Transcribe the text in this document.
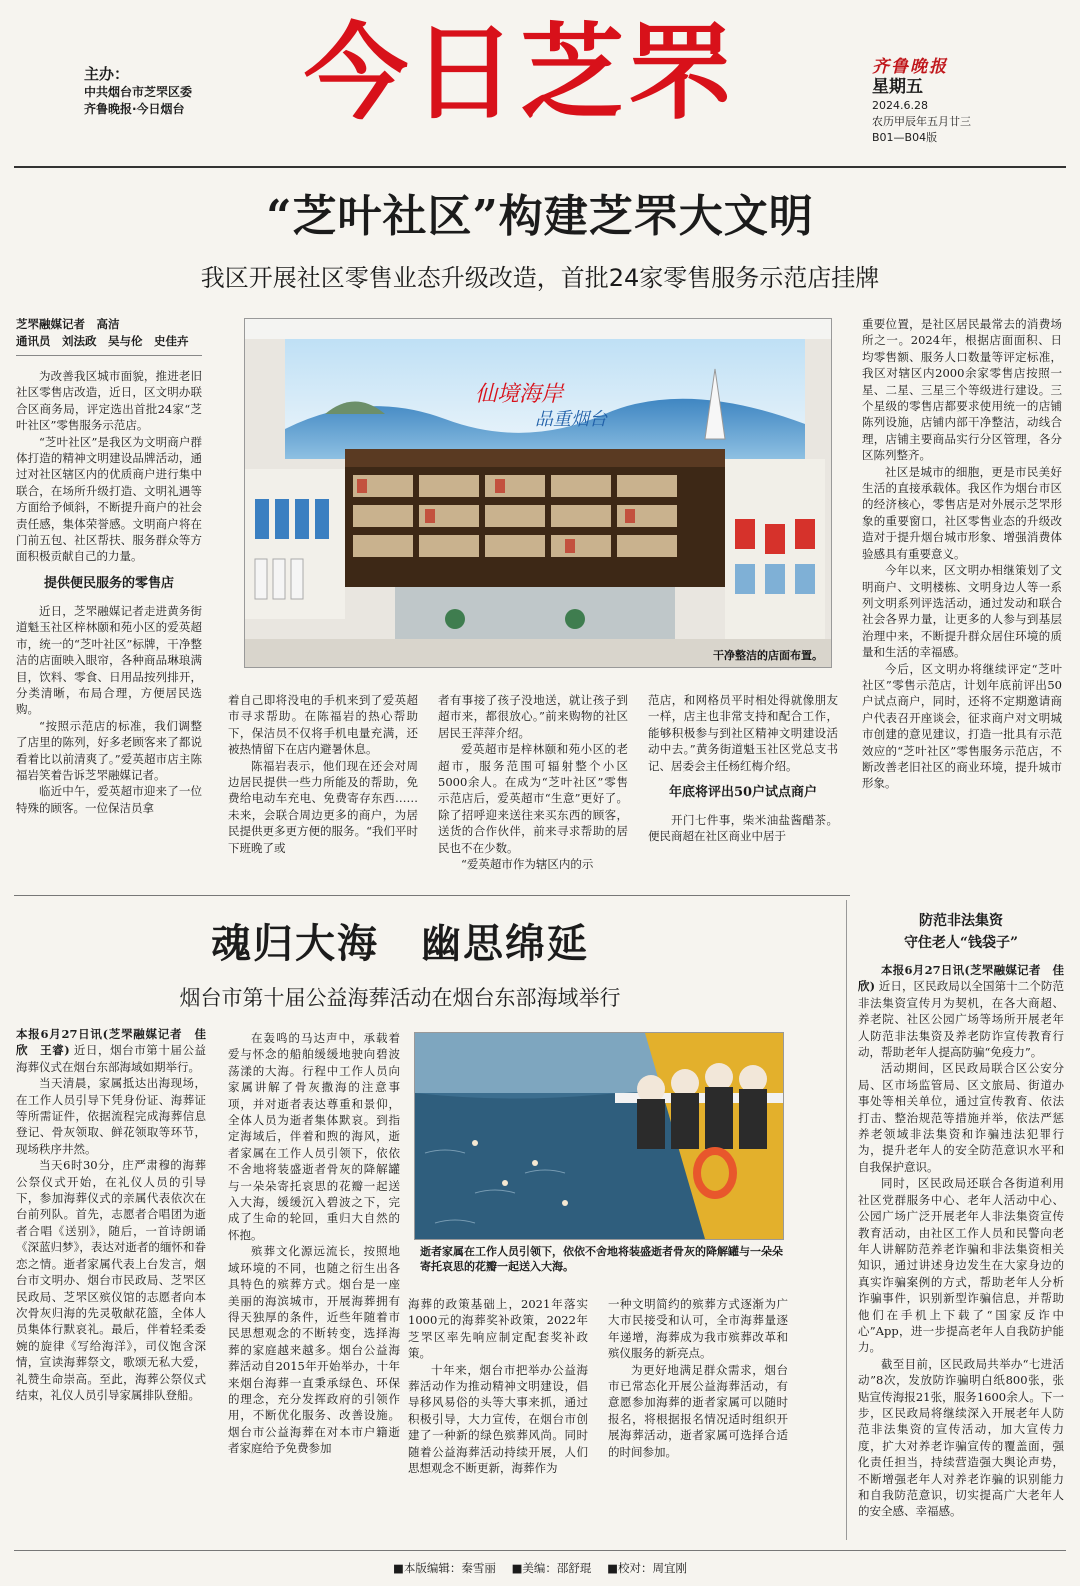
主办：
中共烟台市芝罘区委
齐鲁晚报·今日烟台	今日芝罘	齐鲁晚报
星期五
2024.6.28
农历甲辰年五月廿三
B01—B04版
“芝叶社区”构建芝罘大文明
我区开展社区零售业态升级改造，首批24家零售服务示范店挂牌
芝罘融媒记者　高洁
通讯员　刘法政　吴与伦　史佳卉

为改善我区城市面貌，推进老旧社区零售店改造，近日，区文明办联合区商务局，评定选出首批24家“芝叶社区”零售服务示范店。

“芝叶社区”是我区为文明商户群体打造的精神文明建设品牌活动，通过对社区辖区内的优质商户进行集中联合，在场所升级打造、文明礼遇等方面给予倾斜，不断提升商户的社会责任感，集体荣誉感。文明商户将在门前五包、社区帮扶、服务群众等方面积极贡献自己的力量。

提供便民服务的零售店

近日，芝罘融媒记者走进黄务街道魁玉社区梓林颐和苑小区的爱英超市，统一的“芝叶社区”标牌，干净整洁的店面映入眼帘，各种商品琳琅满目，饮料、零食、日用品按列排开，分类清晰，布局合理，方便居民选购。

“按照示范店的标准，我们调整了店里的陈列，好多老顾客来了都说看着比以前清爽了。”爱英超市店主陈福岩笑着告诉芝罘融媒记者。

临近中午，爱英超市迎来了一位特殊的顾客。一位保洁员拿

仙境海岸
品重烟台
干净整洁的店面布置。

着自己即将没电的手机来到了爱英超市寻求帮助。在陈福岩的热心帮助下，保洁员不仅将手机电量充满，还被热情留下在店内避暑休息。

陈福岩表示，他们现在还会对周边居民提供一些力所能及的帮助，免费给电动车充电、免费寄存东西……未来，会联合周边更多的商户，为居民提供更多更方便的服务。“我们平时下班晚了或

者有事接了孩子没地送，就让孩子到超市来，都很放心。”前来购物的社区居民王萍萍介绍。

爱英超市是梓林颐和苑小区的老超市，服务范围可辐射整个小区5000余人。在成为“芝叶社区”零售示范店后，爱英超市“生意”更好了。除了招呼迎来送往来买东西的顾客，送货的合作伙伴，前来寻求帮助的居民也不在少数。

“爱英超市作为辖区内的示

范店，和网格员平时相处得就像朋友一样，店主也非常支持和配合工作，能够积极参与到社区精神文明建设活动中去。”黄务街道魁玉社区党总支书记、居委会主任杨红梅介绍。

年底将评出50户试点商户

开门七件事，柴米油盐酱醋茶。便民商超在社区商业中居于

重要位置，是社区居民最常去的消费场所之一。2024年，根据店面面积、日均零售额、服务人口数量等评定标准，我区对辖区内2000余家零售店按照一星、二星、三星三个等级进行建设。三个星级的零售店都要求使用统一的店铺陈列设施，店铺内部干净整洁，动线合理，店铺主要商品实行分区管理，各分区陈列整齐。

社区是城市的细胞，更是市民美好生活的直接承载体。我区作为烟台市区的经济核心，零售店是对外展示芝罘形象的重要窗口，社区零售业态的升级改造对于提升烟台城市形象、增强消费体验感具有重要意义。

今年以来，区文明办相继策划了文明商户、文明楼栋、文明身边人等一系列文明系列评选活动，通过发动和联合社会各界力量，让更多的人参与到基层治理中来，不断提升群众居住环境的质量和生活的幸福感。

今后，区文明办将继续评定“芝叶社区”零售示范店，计划年底前评出50户试点商户，同时，还将不定期邀请商户代表召开座谈会，征求商户对文明城市创建的意见建议，打造一批具有示范效应的“芝叶社区”零售服务示范店，不断改善老旧社区的商业环境，提升城市形象。

魂归大海　幽思绵延
烟台市第十届公益海葬活动在烟台东部海域举行

本报6月27日讯(芝罘融媒记者　佳欣　王睿) 近日，烟台市第十届公益海葬仪式在烟台东部海域如期举行。

当天清晨，家属抵达出海现场，在工作人员引导下凭身份证、海葬证等所需证件，依据流程完成海葬信息登记、骨灰领取、鲜花领取等环节，现场秩序井然。

当天6时30分，庄严肃穆的海葬公祭仪式开始，在礼仪人员的引导下，参加海葬仪式的亲属代表依次在台前列队。首先，志愿者合唱团为逝者合唱《送别》，随后，一首诗朗诵《深蓝归梦》，表达对逝者的缅怀和眷恋之情。逝者家属代表上台发言，烟台市文明办、烟台市民政局、芝罘区民政局、芝罘区殡仪馆的志愿者向本次骨灰归海的先灵敬献花篮，全体人员集体行默哀礼。最后，伴着轻柔委婉的旋律《写给海洋》，司仪饱含深情，宣读海葬祭文，歌颂无私大爱，礼赞生命崇高。至此，海葬公祭仪式结束，礼仪人员引导家属排队登船。

在轰鸣的马达声中，承载着爱与怀念的船舶缓缓地驶向碧波荡漾的大海。行程中工作人员向家属讲解了骨灰撒海的注意事项，并对逝者表达尊重和景仰，全体人员为逝者集体默哀。到指定海域后，伴着和煦的海风，逝者家属在工作人员引领下，依依不舍地将装盛逝者骨灰的降解罐与一朵朵寄托哀思的花瓣一起送入大海，缓缓沉入碧波之下，完成了生命的轮回，重归大自然的怀抱。

殡葬文化源远流长，按照地域环境的不同，也随之衍生出各具特色的殡葬方式。烟台是一座美丽的海滨城市，开展海葬拥有得天独厚的条件，近些年随着市民思想观念的不断转变，选择海葬的家庭越来越多。烟台公益海葬活动自2015年开始举办，十年来烟台海葬一直秉承绿色、环保的理念，充分发挥政府的引领作用，不断优化服务、改善设施。烟台市公益海葬在对本市户籍逝者家庭给予免费参加

逝者家属在工作人员引领下，依依不舍地将装盛逝者骨灰的降解罐与一朵朵寄托哀思的花瓣一起送入大海。

海葬的政策基础上，2021年落实1000元的海葬奖补政策，2022年芝罘区率先响应制定配套奖补政策。

十年来，烟台市把举办公益海葬活动作为推动精神文明建设，倡导移风易俗的头等大事来抓，通过积极引导，大力宣传，在烟台市创建了一种新的绿色殡葬风尚。同时随着公益海葬活动持续开展，人们思想观念不断更新，海葬作为

一种文明简约的殡葬方式逐渐为广大市民接受和认可，全市海葬量逐年递增，海葬成为我市殡葬改革和殡仪服务的新亮点。

为更好地满足群众需求，烟台市已常态化开展公益海葬活动，有意愿参加海葬的逝者家属可以随时报名，将根据报名情况适时组织开展海葬活动，逝者家属可选择合适的时间参加。

防范非法集资
守住老人“钱袋子”

本报6月27日讯(芝罘融媒记者　佳欣) 近日，区民政局以全国第十二个防范非法集资宣传月为契机，在各大商超、养老院、社区公园广场等场所开展老年人防范非法集资及养老防诈宣传教育行动，帮助老年人提高防骗“免疫力”。

活动期间，区民政局联合区公安分局、区市场监管局、区文旅局、街道办事处等相关单位，通过宣传教育、依法打击、整治规范等措施并举，依法严惩养老领域非法集资和诈骗违法犯罪行为，提升老年人的安全防范意识水平和自我保护意识。

同时，区民政局还联合各街道利用社区党群服务中心、老年人活动中心、公园广场广泛开展老年人非法集资宣传教育活动，由社区工作人员和民警向老年人讲解防范养老诈骗和非法集资相关知识，通过讲述身边发生在大家身边的真实诈骗案例的方式，帮助老年人分析诈骗事件，识别新型诈骗信息，并帮助他们在手机上下载了“国家反诈中心”App，进一步提高老年人自我防护能力。

截至目前，区民政局共举办“七进活动”8次，发放防诈骗明白纸800张，张贴宣传海报21张，服务1600余人。下一步，区民政局将继续深入开展老年人防范非法集资的宣传活动，加大宣传力度，扩大对养老诈骗宣传的覆盖面，强化责任担当，持续营造强大舆论声势，不断增强老年人对养老诈骗的识别能力和自我防范意识，切实提高广大老年人的安全感、幸福感。

■本版编辑：秦雪丽 ■美编：邵舒琨 ■校对：周宜刚
